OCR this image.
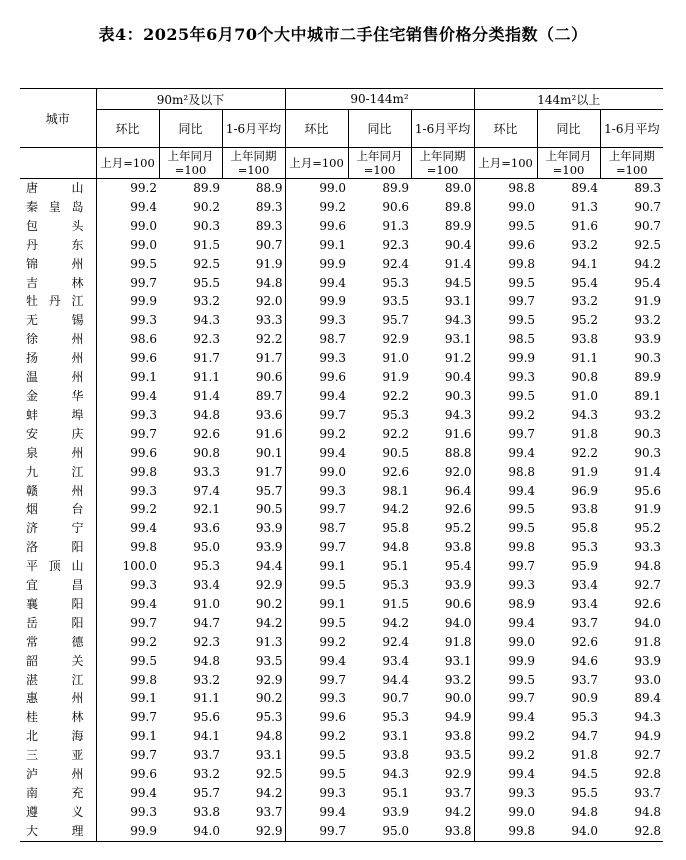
表4：2025年6月70个大中城市二手住宅销售价格分类指数（二）
城市	90m²及以下			90-144m²			144m²以上		
	环比	同比	1-6月平均	环比	同比	1-6月平均	环比	同比	1-6月平均
	上月=100	上年同月=100	上年同期=100	上月=100	上年同月=100	上年同期=100	上月=100	上年同月=100	上年同期=100
唐山	99.2	89.9	88.9	99.0	89.9	89.0	98.8	89.4	89.3
秦皇岛	99.4	90.2	89.3	99.2	90.6	89.8	99.0	91.3	90.7
包头	99.0	90.3	89.3	99.6	91.3	89.9	99.5	91.6	90.7
丹东	99.0	91.5	90.7	99.1	92.3	90.4	99.6	93.2	92.5
锦州	99.5	92.5	91.9	99.9	92.4	91.4	99.8	94.1	94.2
吉林	99.7	95.5	94.8	99.4	95.3	94.5	99.5	95.4	95.4
牡丹江	99.9	93.2	92.0	99.9	93.5	93.1	99.7	93.2	91.9
无锡	99.3	94.3	93.3	99.3	95.7	94.3	99.5	95.2	93.2
徐州	98.6	92.3	92.2	98.7	92.9	93.1	98.5	93.8	93.9
扬州	99.6	91.7	91.7	99.3	91.0	91.2	99.9	91.1	90.3
温州	99.1	91.1	90.6	99.6	91.9	90.4	99.3	90.8	89.9
金华	99.4	91.4	89.7	99.4	92.2	90.3	99.5	91.0	89.1
蚌埠	99.3	94.8	93.6	99.7	95.3	94.3	99.2	94.3	93.2
安庆	99.7	92.6	91.6	99.2	92.2	91.6	99.7	91.8	90.3
泉州	99.6	90.8	90.1	99.4	90.5	88.8	99.4	92.2	90.3
九江	99.8	93.3	91.7	99.0	92.6	92.0	98.8	91.9	91.4
赣州	99.3	97.4	95.7	99.3	98.1	96.4	99.4	96.9	95.6
烟台	99.2	92.1	90.5	99.7	94.2	92.6	99.5	93.8	91.9
济宁	99.4	93.6	93.9	98.7	95.8	95.2	99.5	95.8	95.2
洛阳	99.8	95.0	93.9	99.7	94.8	93.8	99.8	95.3	93.3
平顶山	100.0	95.3	94.4	99.1	95.1	95.4	99.7	95.9	94.8
宜昌	99.3	93.4	92.9	99.5	95.3	93.9	99.3	93.4	92.7
襄阳	99.4	91.0	90.2	99.1	91.5	90.6	98.9	93.4	92.6
岳阳	99.7	94.7	94.2	99.5	94.2	94.0	99.4	93.7	94.0
常德	99.2	92.3	91.3	99.2	92.4	91.8	99.0	92.6	91.8
韶关	99.5	94.8	93.5	99.4	93.4	93.1	99.9	94.6	93.9
湛江	99.8	93.2	92.9	99.7	94.4	93.2	99.5	93.7	93.0
惠州	99.1	91.1	90.2	99.3	90.7	90.0	99.7	90.9	89.4
桂林	99.7	95.6	95.3	99.6	95.3	94.9	99.4	95.3	94.3
北海	99.1	94.1	94.8	99.2	93.1	93.8	99.2	94.7	94.9
三亚	99.7	93.7	93.1	99.5	93.8	93.5	99.2	91.8	92.7
泸州	99.6	93.2	92.5	99.5	94.3	92.9	99.4	94.5	92.8
南充	99.4	95.7	94.2	99.3	95.1	93.7	99.3	95.5	93.7
遵义	99.3	93.8	93.7	99.4	93.9	94.2	99.0	94.8	94.8
大理	99.9	94.0	92.9	99.7	95.0	93.8	99.8	94.0	92.8
